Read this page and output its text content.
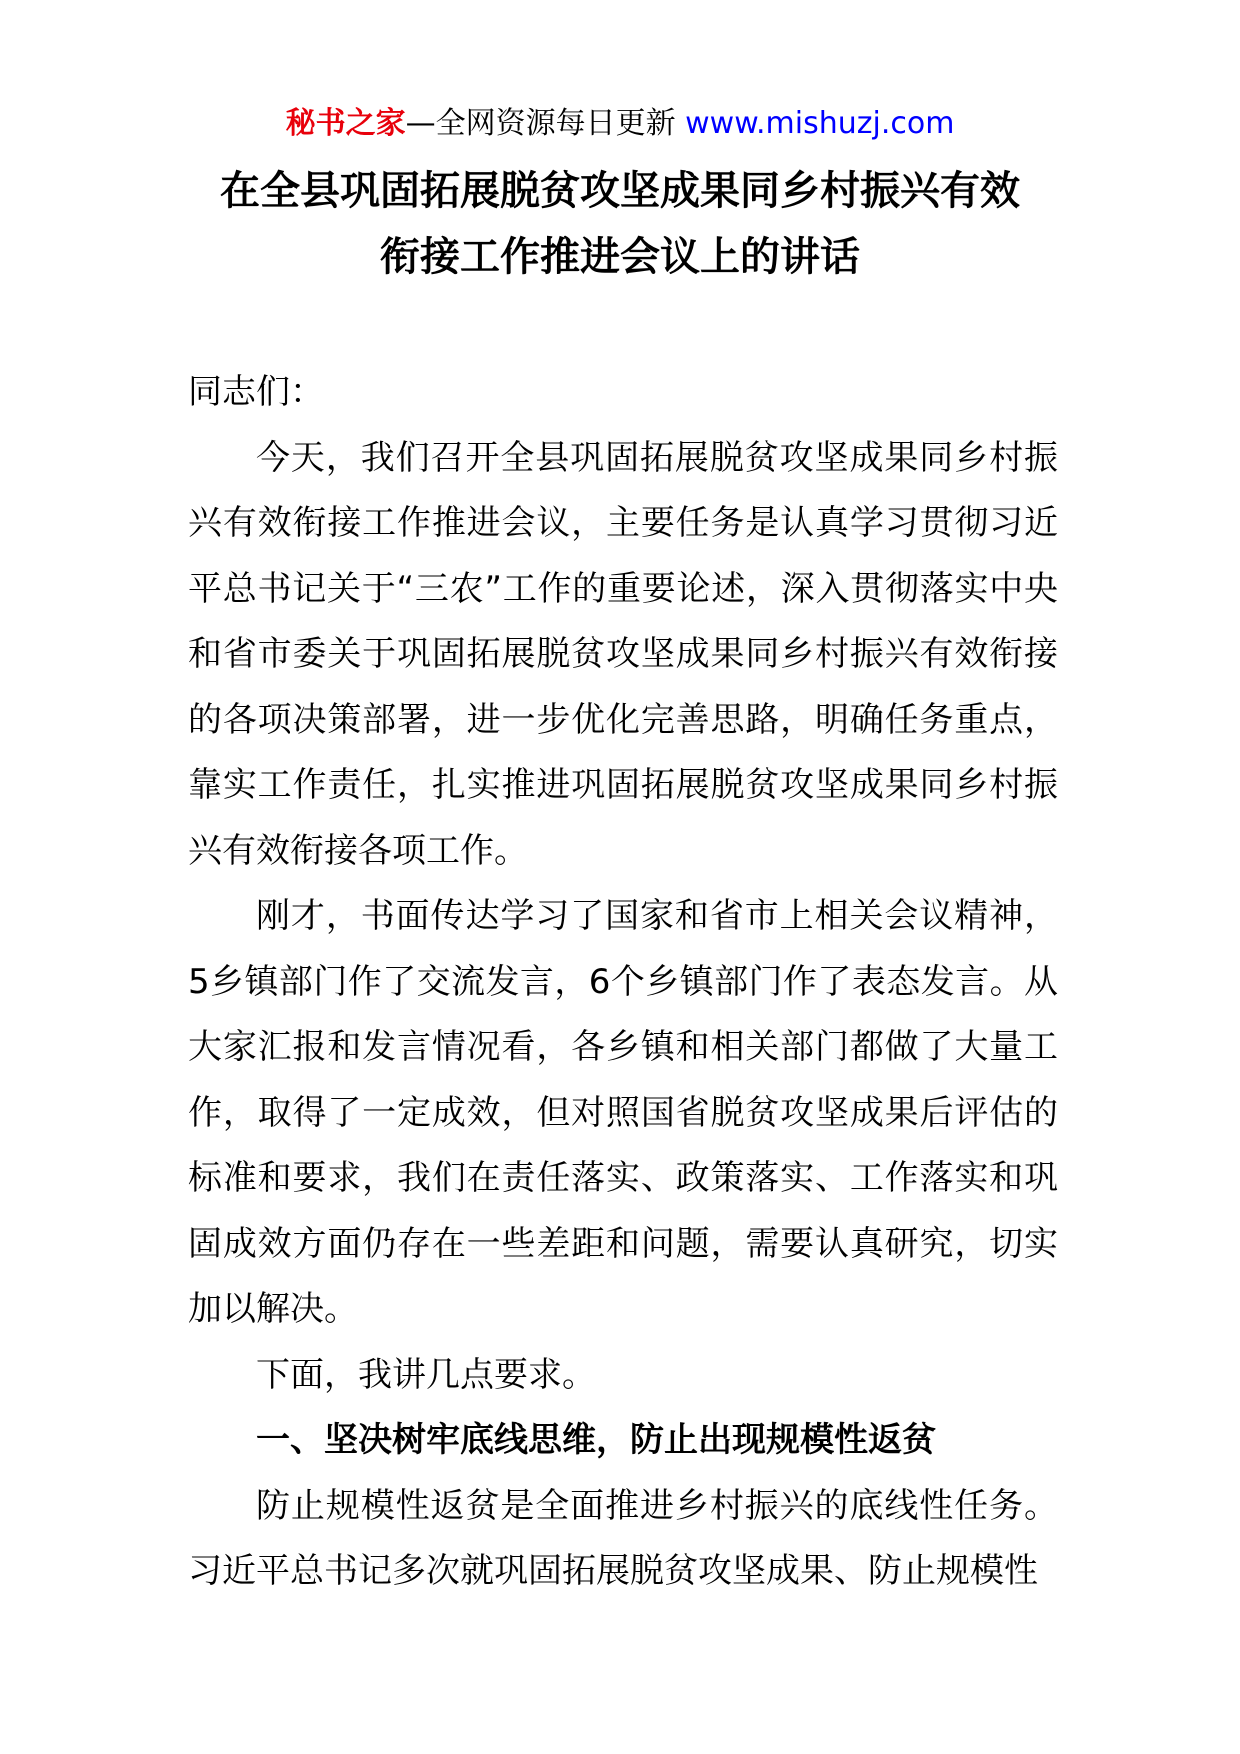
秘书之家—全网资源每日更新 www.mishuzj.com
在全县巩固拓展脱贫攻坚成果同乡村振兴有效
衔接工作推进会议上的讲话

同志们：

今天，我们召开全县巩固拓展脱贫攻坚成果同乡村振兴有效衔接工作推进会议，主要任务是认真学习贯彻习近平总书记关于“三农”工作的重要论述，深入贯彻落实中央和省市委关于巩固拓展脱贫攻坚成果同乡村振兴有效衔接的各项决策部署，进一步优化完善思路，明确任务重点，靠实工作责任，扎实推进巩固拓展脱贫攻坚成果同乡村振兴有效衔接各项工作。

刚才，书面传达学习了国家和省市上相关会议精神，5乡镇部门作了交流发言，6个乡镇部门作了表态发言。从大家汇报和发言情况看，各乡镇和相关部门都做了大量工作，取得了一定成效，但对照国省脱贫攻坚成果后评估的标准和要求，我们在责任落实、政策落实、工作落实和巩固成效方面仍存在一些差距和问题，需要认真研究，切实加以解决。

下面，我讲几点要求。

一、坚决树牢底线思维，防止出现规模性返贫

防止规模性返贫是全面推进乡村振兴的底线性任务。习近平总书记多次就巩固拓展脱贫攻坚成果、防止规模性
